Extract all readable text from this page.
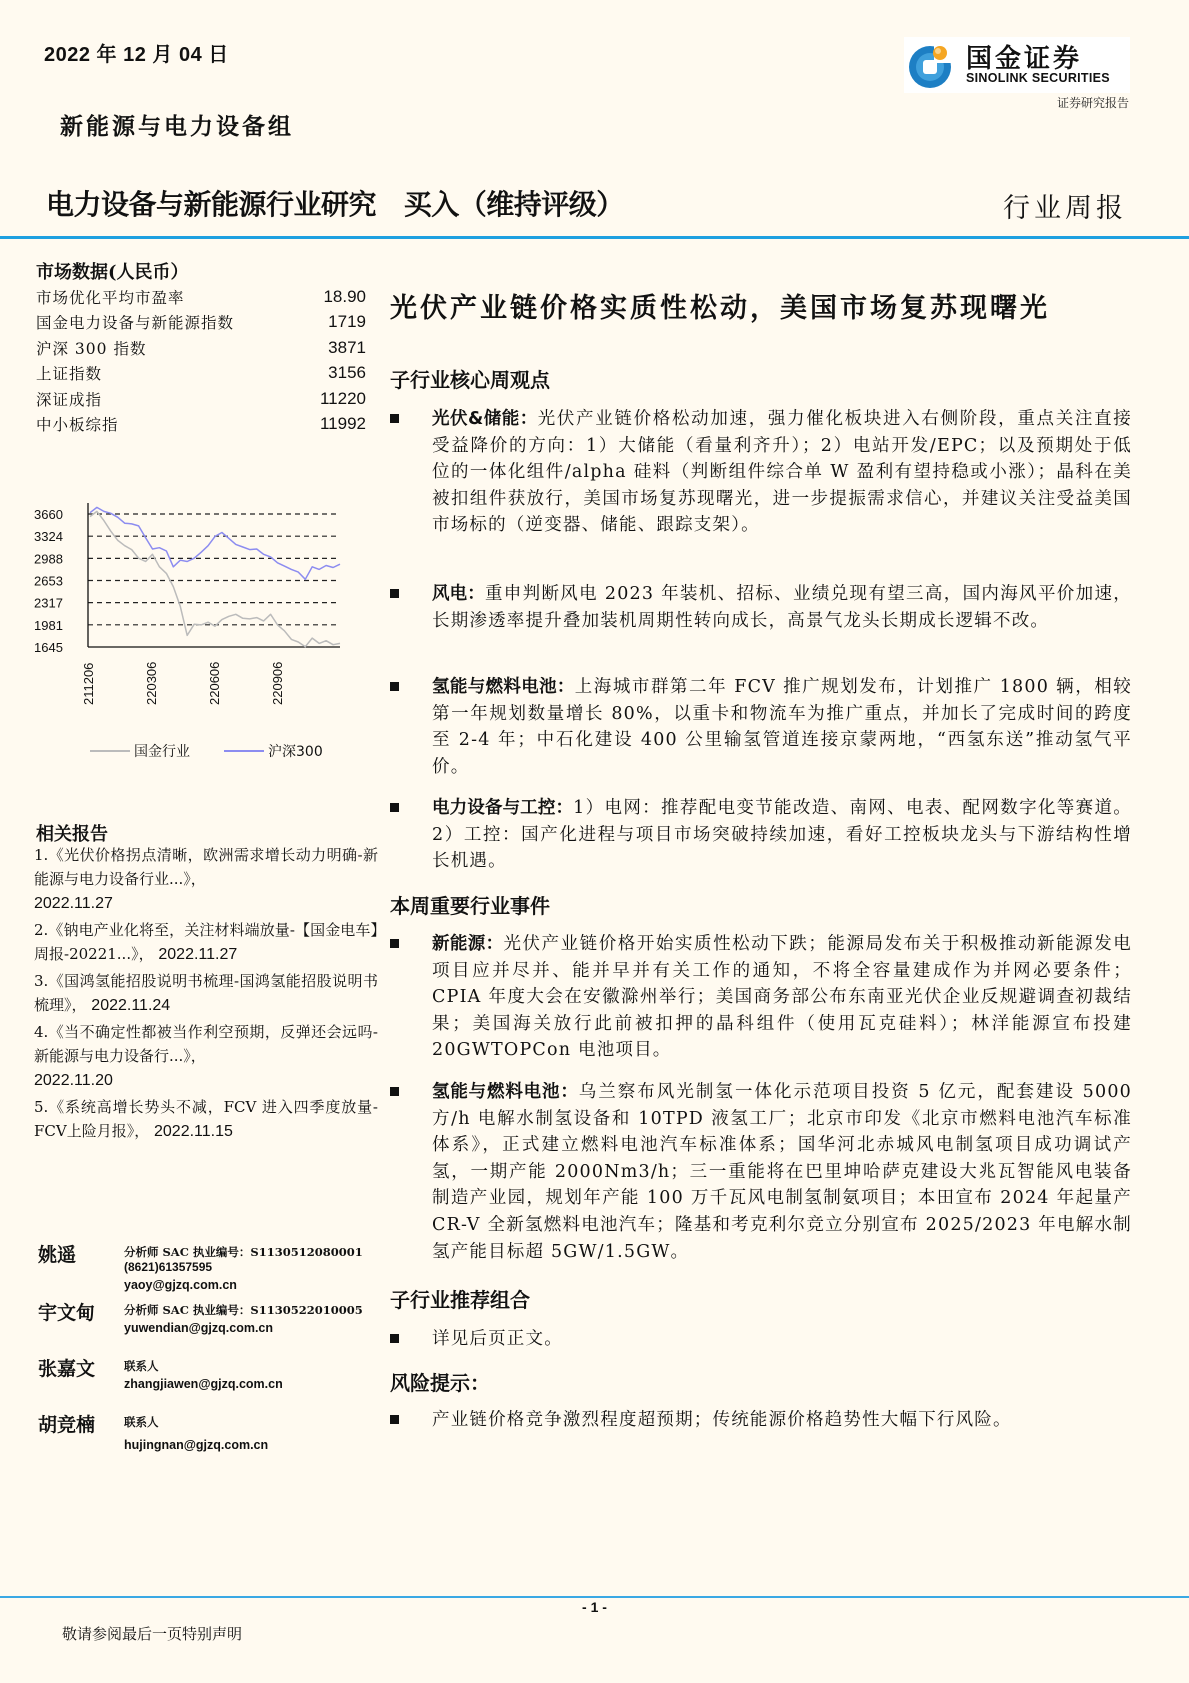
2022 年 12 月 04 日
新能源与电力设备组
电力设备与新能源行业研究 买入（维持评级）	行业周报
国金证券
SINOLINK SECURITIES
证券研究报告
市场数据(人民币）
市场优化平均市盈率	18.90
国金电力设备与新能源指数	1719
沪深 300 指数	3871
上证指数	3156
深证成指	11220
中小板综指	11992
3660
3324
2988
2653
2317
1981
1645
211206	220306	220606	220906
国金行业	沪深300
相关报告
1.《光伏价格拐点清晰，欧洲需求增长动力明确-新能源与电力设备行业...》，
2022.11.27
2.《钠电产业化将至，关注材料端放量-【国金电车】周报-20221...》， 2022.11.27
3.《国鸿氢能招股说明书梳理-国鸿氢能招股说明书梳理》， 2022.11.24
4.《当不确定性都被当作利空预期，反弹还会远吗-新能源与电力设备行...》，
2022.11.20
5.《系统高增长势头不减，FCV 进入四季度放量-FCV上险月报》， 2022.11.15
姚遥	分析师 SAC 执业编号：S1130512080001
(8621)61357595
yaoy@gjzq.com.cn
宇文甸	分析师 SAC 执业编号：S1130522010005
yuwendian@gjzq.com.cn
张嘉文	联系人
zhangjiawen@gjzq.com.cn
胡竞楠	联系人
hujingnan@gjzq.com.cn
光伏产业链价格实质性松动，美国市场复苏现曙光
子行业核心周观点
光伏&储能：光伏产业链价格松动加速，强力催化板块进入右侧阶段，重点关注直接受益降价的方向：1）大储能（看量利齐升）；2）电站开发/EPC；以及预期处于低位的一体化组件/alpha 硅料（判断组件综合单 W 盈利有望持稳或小涨）；晶科在美被扣组件获放行，美国市场复苏现曙光，进一步提振需求信心，并建议关注受益美国市场标的（逆变器、储能、跟踪支架）。
风电：重申判断风电 2023 年装机、招标、业绩兑现有望三高，国内海风平价加速，长期渗透率提升叠加装机周期性转向成长，高景气龙头长期成长逻辑不改。
氢能与燃料电池：上海城市群第二年 FCV 推广规划发布，计划推广 1800 辆，相较第一年规划数量增长 80%，以重卡和物流车为推广重点，并加长了完成时间的跨度至 2-4 年；中石化建设 400 公里输氢管道连接京蒙两地，“西氢东送”推动氢气平价。
电力设备与工控：1）电网：推荐配电变节能改造、南网、电表、配网数字化等赛道。2）工控：国产化进程与项目市场突破持续加速，看好工控板块龙头与下游结构性增长机遇。
本周重要行业事件
新能源：光伏产业链价格开始实质性松动下跌；能源局发布关于积极推动新能源发电项目应并尽并、能并早并有关工作的通知，不将全容量建成作为并网必要条件；CPIA 年度大会在安徽滁州举行；美国商务部公布东南亚光伏企业反规避调查初裁结果；美国海关放行此前被扣押的晶科组件（使用瓦克硅料）；林洋能源宣布投建 20GWTOPCon 电池项目。
氢能与燃料电池：乌兰察布风光制氢一体化示范项目投资 5 亿元，配套建设 5000 方/h 电解水制氢设备和 10TPD 液氢工厂；北京市印发《北京市燃料电池汽车标准体系》，正式建立燃料电池汽车标准体系；国华河北赤城风电制氢项目成功调试产氢，一期产能 2000Nm3/h；三一重能将在巴里坤哈萨克建设大兆瓦智能风电装备制造产业园，规划年产能 100 万千瓦风电制氢制氨项目；本田宣布 2024 年起量产 CR-V 全新氢燃料电池汽车；隆基和考克利尔竞立分别宣布 2025/2023 年电解水制氢产能目标超 5GW/1.5GW。
子行业推荐组合
详见后页正文。
风险提示：
产业链价格竞争激烈程度超预期；传统能源价格趋势性大幅下行风险。
- 1 -
敬请参阅最后一页特别声明
